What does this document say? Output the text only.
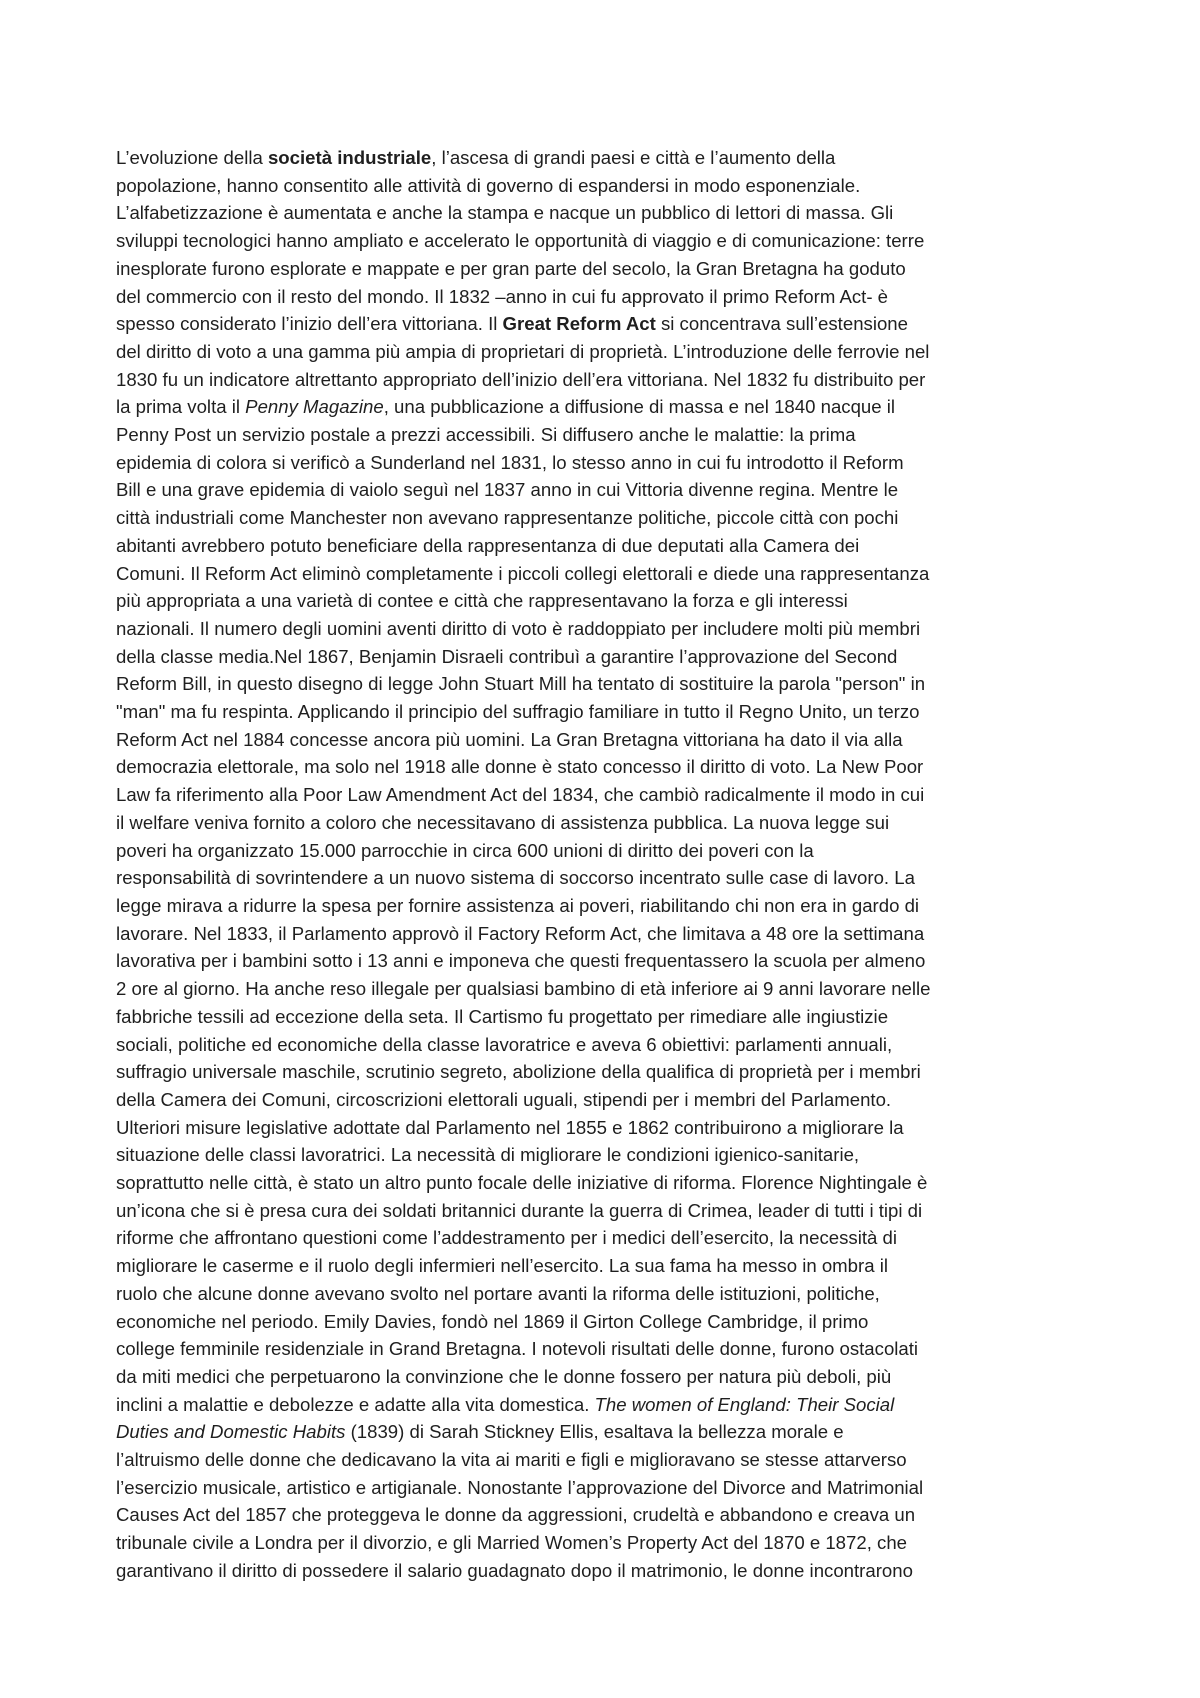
L’evoluzione della società industriale, l’ascesa di grandi paesi e città e l’aumento della
popolazione, hanno consentito alle attività di governo di espandersi in modo esponenziale.
L’alfabetizzazione è aumentata e anche la stampa e nacque un pubblico di lettori di massa. Gli
sviluppi tecnologici hanno ampliato e accelerato le opportunità di viaggio e di comunicazione: terre
inesplorate furono esplorate e mappate e per gran parte del secolo, la Gran Bretagna ha goduto
del commercio con il resto del mondo. Il 1832 –anno in cui fu approvato il primo Reform Act- è
spesso considerato l’inizio dell’era vittoriana. Il Great Reform Act si concentrava sull’estensione
del diritto di voto a una gamma più ampia di proprietari di proprietà. L’introduzione delle ferrovie nel
1830 fu un indicatore altrettanto appropriato dell’inizio dell’era vittoriana. Nel 1832 fu distribuito per
la prima volta il Penny Magazine, una pubblicazione a diffusione di massa e nel 1840 nacque il
Penny Post un servizio postale a prezzi accessibili. Si diffusero anche le malattie: la prima
epidemia di colora si verificò a Sunderland nel 1831, lo stesso anno in cui fu introdotto il Reform
Bill e una grave epidemia di vaiolo seguì nel 1837 anno in cui Vittoria divenne regina. Mentre le
città industriali come Manchester non avevano rappresentanze politiche, piccole città con pochi
abitanti avrebbero potuto beneficiare della rappresentanza di due deputati alla Camera dei
Comuni. Il Reform Act eliminò completamente i piccoli collegi elettorali e diede una rappresentanza
più appropriata a una varietà di contee e città che rappresentavano la forza e gli interessi
nazionali. Il numero degli uomini aventi diritto di voto è raddoppiato per includere molti più membri
della classe media.Nel 1867, Benjamin Disraeli contribuì a garantire l’approvazione del Second
Reform Bill, in questo disegno di legge John Stuart Mill ha tentato di sostituire la parola "person" in
"man" ma fu respinta. Applicando il principio del suffragio familiare in tutto il Regno Unito, un terzo
Reform Act nel 1884 concesse ancora più uomini. La Gran Bretagna vittoriana ha dato il via alla
democrazia elettorale, ma solo nel 1918 alle donne è stato concesso il diritto di voto. La New Poor
Law fa riferimento alla Poor Law Amendment Act del 1834, che cambiò radicalmente il modo in cui
il welfare veniva fornito a coloro che necessitavano di assistenza pubblica. La nuova legge sui
poveri ha organizzato 15.000 parrocchie in circa 600 unioni di diritto dei poveri con la
responsabilità di sovrintendere a un nuovo sistema di soccorso incentrato sulle case di lavoro. La
legge mirava a ridurre la spesa per fornire assistenza ai poveri, riabilitando chi non era in gardo di
lavorare. Nel 1833, il Parlamento approvò il Factory Reform Act, che limitava a 48 ore la settimana
lavorativa per i bambini sotto i 13 anni e imponeva che questi frequentassero la scuola per almeno
2 ore al giorno. Ha anche reso illegale per qualsiasi bambino di età inferiore ai 9 anni lavorare nelle
fabbriche tessili ad eccezione della seta. Il Cartismo fu progettato per rimediare alle ingiustizie
sociali, politiche ed economiche della classe lavoratrice e aveva 6 obiettivi: parlamenti annuali,
suffragio universale maschile, scrutinio segreto, abolizione della qualifica di proprietà per i membri
della Camera dei Comuni, circoscrizioni elettorali uguali, stipendi per i membri del Parlamento.
Ulteriori misure legislative adottate dal Parlamento nel 1855 e 1862 contribuirono a migliorare la
situazione delle classi lavoratrici. La necessità di migliorare le condizioni igienico-sanitarie,
soprattutto nelle città, è stato un altro punto focale delle iniziative di riforma. Florence Nightingale è
un’icona che si è presa cura dei soldati britannici durante la guerra di Crimea, leader di tutti i tipi di
riforme che affrontano questioni come l’addestramento per i medici dell’esercito, la necessità di
migliorare le caserme e il ruolo degli infermieri nell’esercito. La sua fama ha messo in ombra il
ruolo che alcune donne avevano svolto nel portare avanti la riforma delle istituzioni, politiche,
economiche nel periodo. Emily Davies, fondò nel 1869 il Girton College Cambridge, il primo
college femminile residenziale in Grand Bretagna. I notevoli risultati delle donne, furono ostacolati
da miti medici che perpetuarono la convinzione che le donne fossero per natura più deboli, più
inclini a malattie e debolezze e adatte alla vita domestica. The women of England: Their Social
Duties and Domestic Habits (1839) di Sarah Stickney Ellis, esaltava la bellezza morale e
l’altruismo delle donne che dedicavano la vita ai mariti e figli e miglioravano se stesse attarverso
l’esercizio musicale, artistico e artigianale. Nonostante l’approvazione del Divorce and Matrimonial
Causes Act del 1857 che proteggeva le donne da aggressioni, crudeltà e abbandono e creava un
tribunale civile a Londra per il divorzio, e gli Married Women’s Property Act del 1870 e 1872, che
garantivano il diritto di possedere il salario guadagnato dopo il matrimonio, le donne incontrarono
